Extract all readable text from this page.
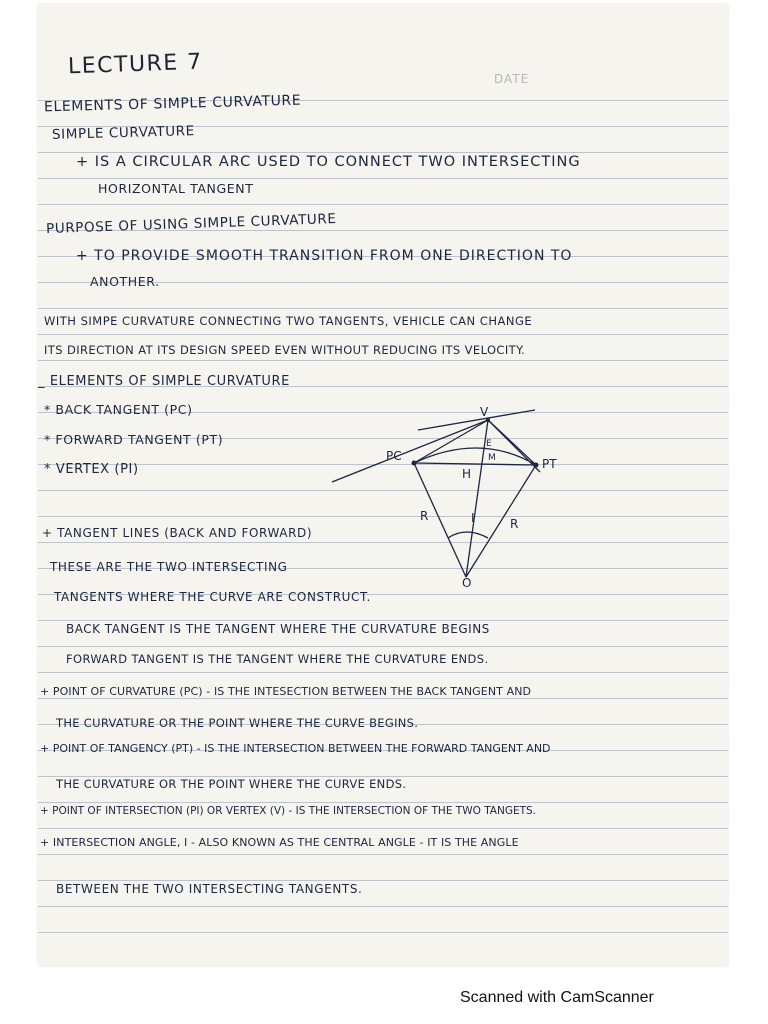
LECTURE 7	DATE
ELEMENTS OF SIMPLE CURVATURE
SIMPLE CURVATURE
+ IS A CIRCULAR ARC USED TO CONNECT TWO INTERSECTING
HORIZONTAL TANGENT
PURPOSE OF USING SIMPLE CURVATURE
+ TO PROVIDE SMOOTH TRANSITION FROM ONE DIRECTION TO
ANOTHER.
WITH SIMPE CURVATURE CONNECTING TWO TANGENTS, VEHICLE CAN CHANGE
ITS DIRECTION AT ITS DESIGN SPEED EVEN WITHOUT REDUCING ITS VELOCITY.
_ ELEMENTS OF SIMPLE CURVATURE
* BACK TANGENT (PC)
* FORWARD TANGENT (PT)
* VERTEX (PI)
V
PC
PT
H
R
R
I
O
E
M
+ TANGENT LINES (BACK AND FORWARD)
THESE ARE THE TWO INTERSECTING
TANGENTS WHERE THE CURVE ARE CONSTRUCT.
BACK TANGENT IS THE TANGENT WHERE THE CURVATURE BEGINS
FORWARD TANGENT IS THE TANGENT WHERE THE CURVATURE ENDS.
+ POINT OF CURVATURE (PC) - IS THE INTESECTION BETWEEN THE BACK TANGENT AND
THE CURVATURE OR THE POINT WHERE THE CURVE BEGINS.
+ POINT OF TANGENCY (PT) - IS THE INTERSECTION BETWEEN THE FORWARD TANGENT AND
THE CURVATURE OR THE POINT WHERE THE CURVE ENDS.
+ POINT OF INTERSECTION (PI) OR VERTEX (V) - IS THE INTERSECTION OF THE TWO TANGETS.
+ INTERSECTION ANGLE, I - ALSO KNOWN AS THE CENTRAL ANGLE - IT IS THE ANGLE
BETWEEN THE TWO INTERSECTING TANGENTS.
Scanned with CamScanner
